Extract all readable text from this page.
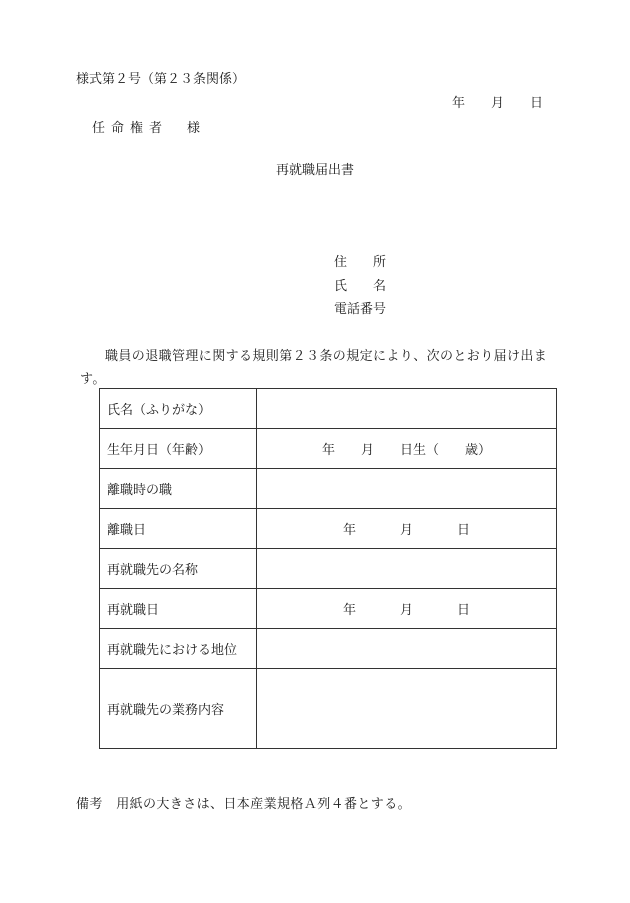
様式第２号（第２３条関係）
年 月 日
任命権者　様
再就職届出書
住 所
氏 名
電話番号
職員の退職管理に関する規則第２３条の規定により、次のとおり届け出ます。
氏名（ふりがな）	
生年月日（年齢）	年 月 日生（ 歳）
離職時の職	
離職日	年 月 日
再就職先の名称	
再就職日	年 月 日
再就職先における地位	
再就職先の業務内容	
備考　用紙の大きさは、日本産業規格Ａ列４番とする。
